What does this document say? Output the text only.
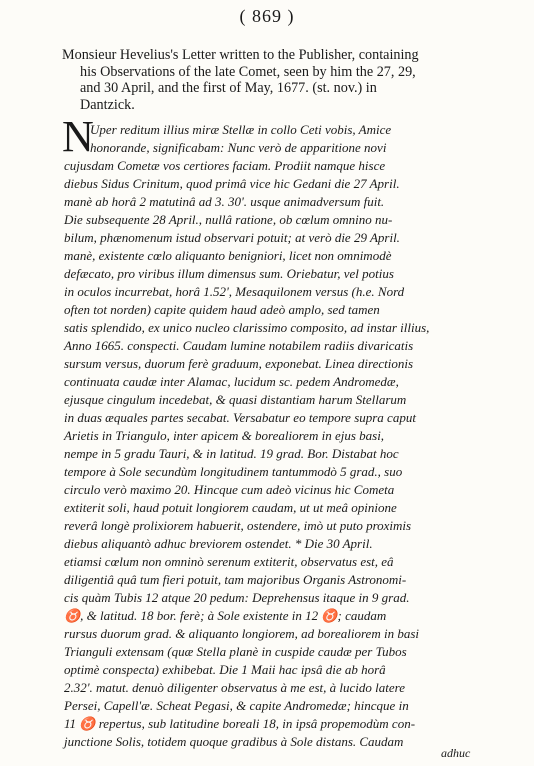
( 869 )
Monsieur Hevelius's Letter written to the Publisher, containing
his Observations of the late Comet, seen by him the 27, 29,
and 30 April, and the first of May, 1677. (st. nov.) in
Dantzick.
N
Uper reditum illius miræ Stellæ in collo Ceti vobis, Amice
honorande, significabam: Nunc verò de apparitione novi
cujusdam Cometæ vos certiores faciam. Prodiit namque hisce
diebus Sidus Crinitum, quod primâ vice hic Gedani die 27 April.
manè ab horâ 2 matutinâ ad 3. 30'. usque animadversum fuit.
Die subsequente 28 April., nullâ ratione, ob cœlum omnino nu-
bilum, phænomenum istud observari potuit; at verò die 29 April.
manè, existente cœlo aliquanto benigniori, licet non omnimodè
defæcato, pro viribus illum dimensus sum. Oriebatur, vel potius
in oculos incurrebat, horâ 1.52', Mesaquilonem versus (h.e. Nord
often tot norden) capite quidem haud adeò amplo, sed tamen
satis splendido, ex unico nucleo clarissimo composito, ad instar illius,
Anno 1665. conspecti. Caudam lumine notabilem radiis divaricatis
sursum versus, duorum ferè graduum, exponebat. Linea directionis
continuata caudæ inter Alamac, lucidum sc. pedem Andromedæ,
ejusque cingulum incedebat, & quasi distantiam harum Stellarum
in duas æquales partes secabat. Versabatur eo tempore supra caput
Arietis in Triangulo, inter apicem & borealiorem in ejus basi,
nempe in 5 gradu Tauri, & in latitud. 19 grad. Bor. Distabat hoc
tempore à Sole secundùm longitudinem tantummodò 5 grad., suo
circulo verò maximo 20. Hincque cum adeò vicinus hic Cometa
extiterit soli, haud potuit longiorem caudam, ut ut meâ opinione
reverâ longè prolixiorem habuerit, ostendere, imò ut puto proximis
diebus aliquantò adhuc breviorem ostendet. * Die 30 April.
etiamsi cœlum non omninò serenum extiterit, observatus est, eâ
diligentiâ quâ tum fieri potuit, tam majoribus Organis Astronomi-
cis quàm Tubis 12 atque 20 pedum: Deprehensus itaque in 9 grad.
♉, & latitud. 18 bor. ferè; à Sole existente in 12 ♉; caudam
rursus duorum grad. & aliquanto longiorem, ad borealiorem in basi
Trianguli extensam (quæ Stella planè in cuspide caudæ per Tubos
optimè conspecta) exhibebat. Die 1 Maii hac ipsâ die ab horâ
2.32'. matut. denuò diligenter observatus à me est, à lucido latere
Persei, Capell'æ. Scheat Pegasi, & capite Andromedæ; hincque in
11 ♉ repertus, sub latitudine boreali 18, in ipsâ propemodùm con-
junctione Solis, totidem quoque gradibus à Sole distans. Caudam
adhuc
